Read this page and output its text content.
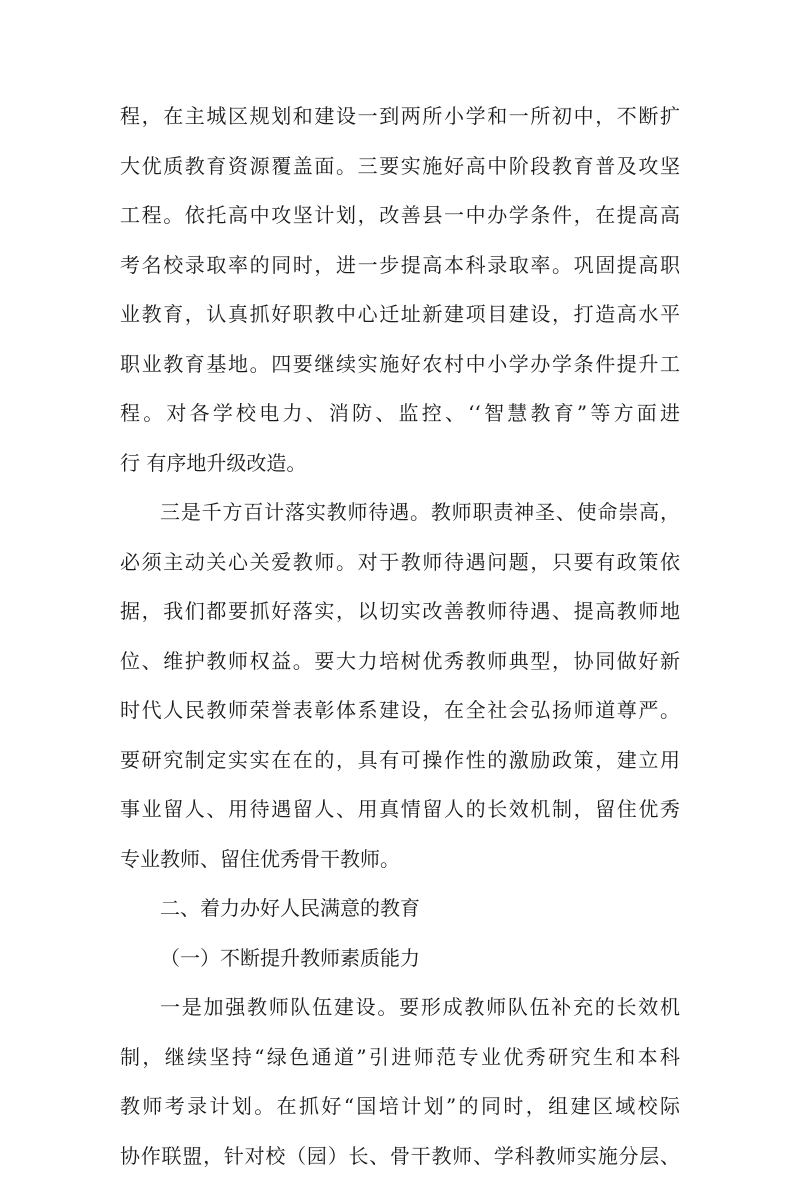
程，在主城区规划和建设一到两所小学和一所初中，不断扩
大优质教育资源覆盖面。三要实施好高中阶段教育普及攻坚
工程。依托高中攻坚计划，改善县一中办学条件，在提高高
考名校录取率的同时，进一步提高本科录取率。巩固提高职
业教育，认真抓好职教中心迁址新建项目建设，打造高水平
职业教育基地。四要继续实施好农村中小学办学条件提升工
程。对各学校电力、消防、监控、‘‘智慧教育”等方面进
行 有序地升级改造。
三是千方百计落实教师待遇。教师职责神圣、使命崇高，
必须主动关心关爱教师。对于教师待遇问题，只要有政策依
据，我们都要抓好落实，以切实改善教师待遇、提高教师地
位、维护教师权益。要大力培树优秀教师典型，协同做好新
时代人民教师荣誉表彰体系建设，在全社会弘扬师道尊严。
要研究制定实实在在的，具有可操作性的激励政策，建立用
事业留人、用待遇留人、用真情留人的长效机制，留住优秀
专业教师、留住优秀骨干教师。
二、着力办好人民满意的教育
（一）不断提升教师素质能力
一是加强教师队伍建设。要形成教师队伍补充的长效机
制，继续坚持“绿色通道”引进师范专业优秀研究生和本科
教师考录计划。在抓好“国培计划”的同时，组建区域校际
协作联盟，针对校（园）长、骨干教师、学科教师实施分层、
